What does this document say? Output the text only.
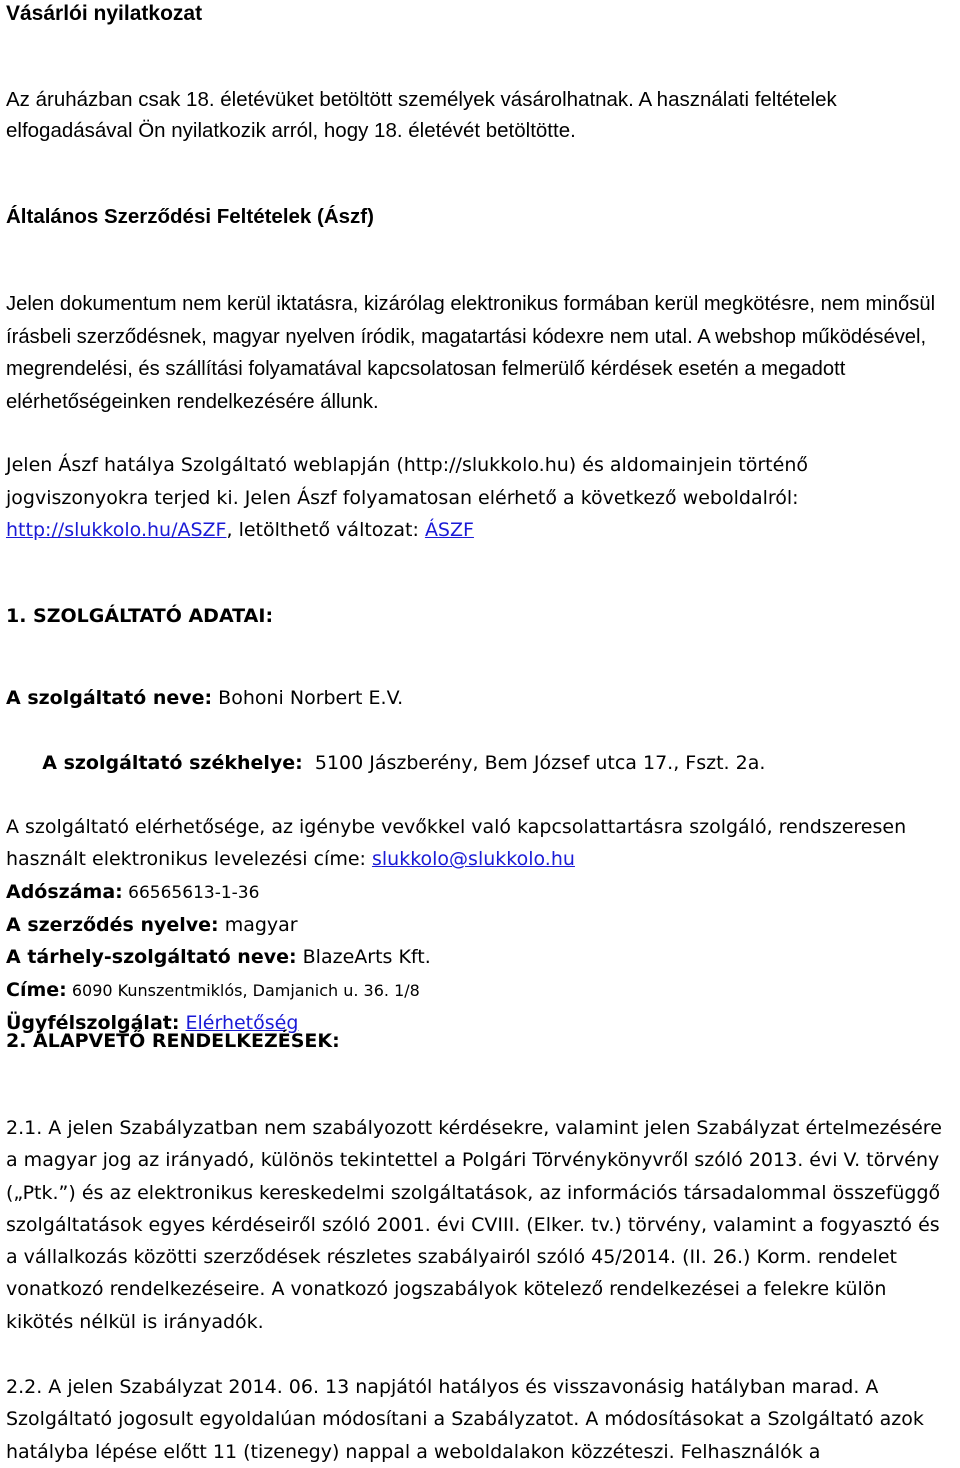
Vásárlói nyilatkozat

Az áruházban csak 18. életévüket betöltött személyek vásárolhatnak. A használati feltételek elfogadásával Ön nyilatkozik arról, hogy 18. életévét betöltötte.

Általános Szerződési Feltételek (Ászf)

Jelen dokumentum nem kerül iktatásra, kizárólag elektronikus formában kerül megkötésre, nem minősül írásbeli szerződésnek, magyar nyelven íródik, magatartási kódexre nem utal. A webshop működésével, megrendelési, és szállítási folyamatával kapcsolatosan felmerülő kérdések esetén a megadott elérhetőségeinken rendelkezésére állunk.

Jelen Ászf hatálya Szolgáltató weblapján (http://slukkolo.hu) és aldomainjein történő jogviszonyokra terjed ki. Jelen Ászf folyamatosan elérhető a következő weboldalról: http://slukkolo.hu/ASZF, letölthető változat: ÁSZF

1. SZOLGÁLTATÓ ADATAI:
A szolgáltató neve: Bohoni Norbert E.V.

A szolgáltató székhelye:  5100 Jászberény, Bem József utca 17., Fszt. 2a.

A szolgáltató elérhetősége, az igénybe vevőkkel való kapcsolattartásra szolgáló, rendszeresen használt elektronikus levelezési címe: slukkolo@slukkolo.hu
Adószáma: 66565613-1-36
A szerződés nyelve: magyar
A tárhely-szolgáltató neve: BlazeArts Kft.
Címe: 6090 Kunszentmiklós, Damjanich u. 36. 1/8
Ügyfélszolgálat: Elérhetőség
2. ALAPVETŐ RENDELKEZÉSEK:

2.1. A jelen Szabályzatban nem szabályozott kérdésekre, valamint jelen Szabályzat értelmezésére a magyar jog az irányadó, különös tekintettel a Polgári Törvénykönyvről szóló 2013. évi V. törvény („Ptk.”) és az elektronikus kereskedelmi szolgáltatások, az információs társadalommal összefüggő szolgáltatások egyes kérdéseiről szóló 2001. évi CVIII. (Elker. tv.) törvény, valamint a fogyasztó és a vállalkozás közötti szerződések részletes szabályairól szóló 45/2014. (II. 26.) Korm. rendelet vonatkozó rendelkezéseire. A vonatkozó jogszabályok kötelező rendelkezései a felekre külön kikötés nélkül is irányadók.

2.2. A jelen Szabályzat 2014. 06. 13 napjától hatályos és visszavonásig hatályban marad. A Szolgáltató jogosult egyoldalúan módosítani a Szabályzatot. A módosításokat a Szolgáltató azok hatályba lépése előtt 11 (tizenegy) nappal a weboldalakon közzéteszi. Felhasználók a
